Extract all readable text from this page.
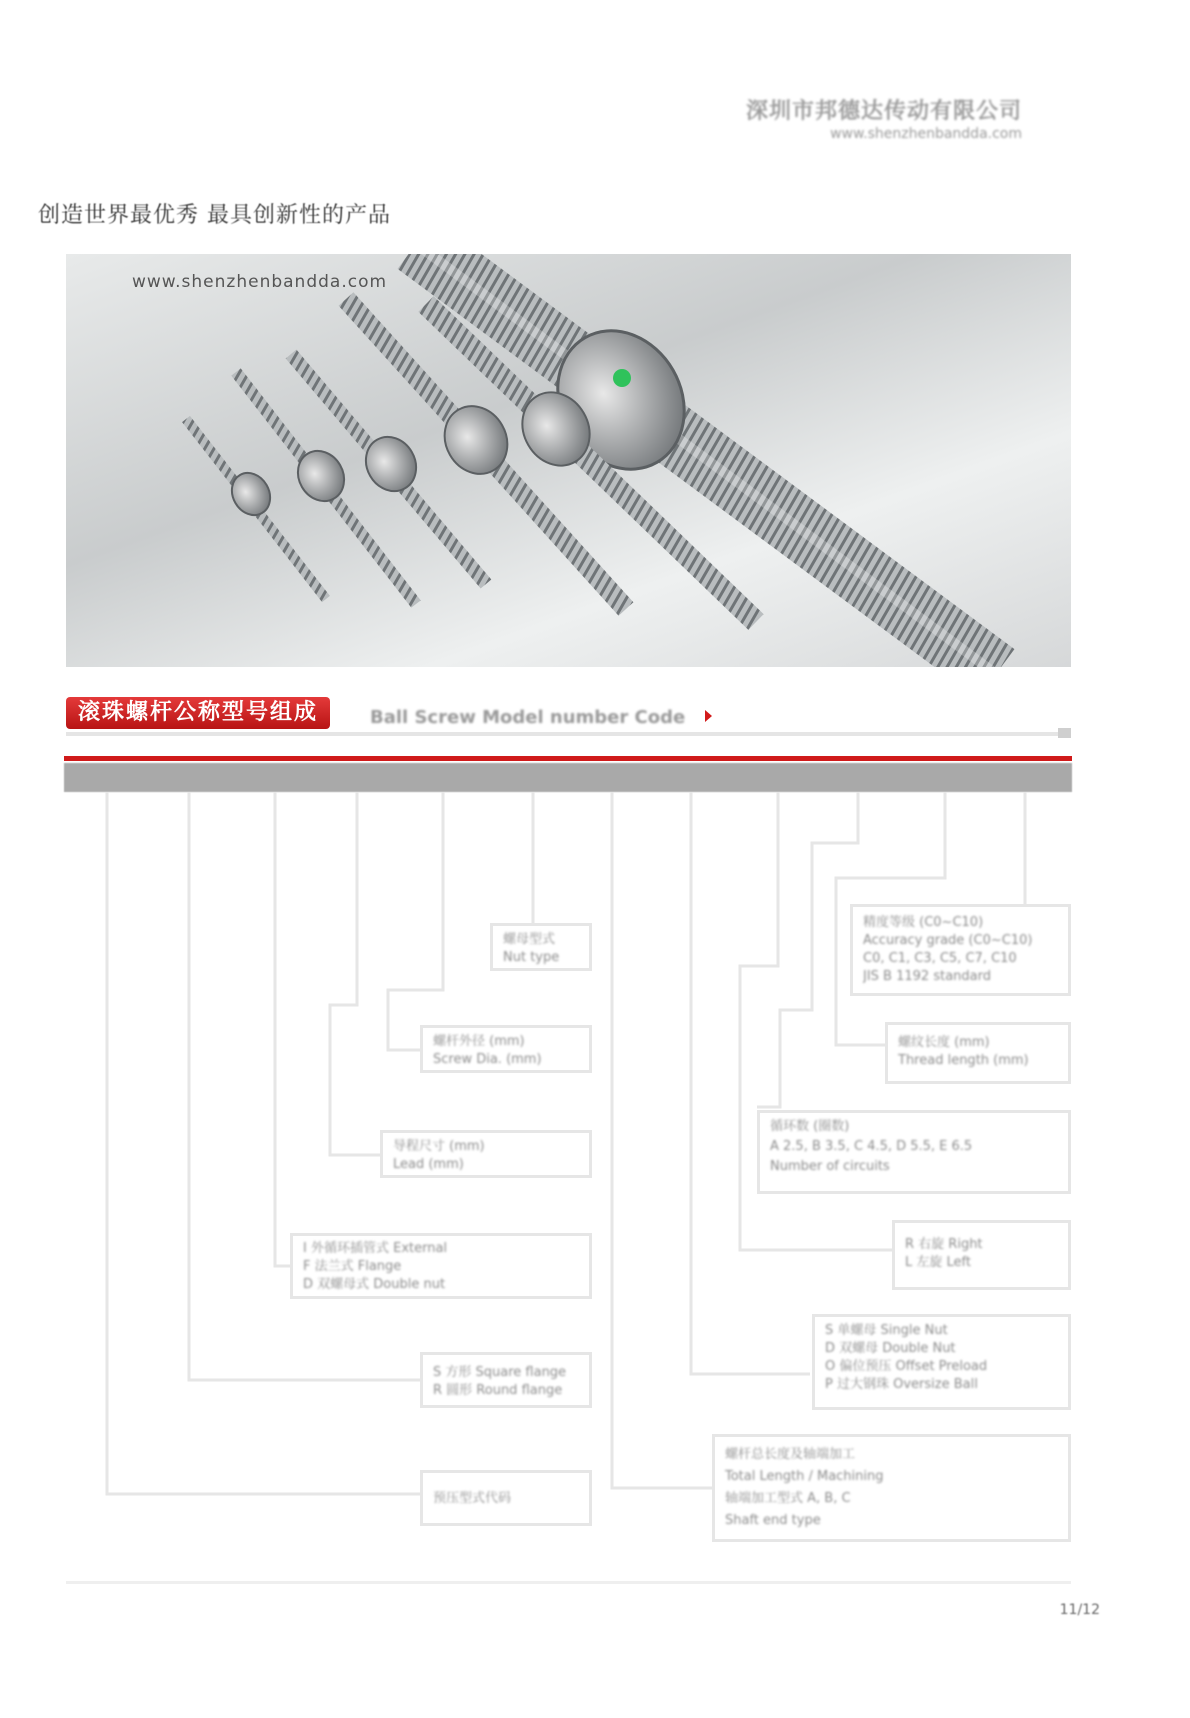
深圳市邦德达传动有限公司
www.shenzhenbandda.com
创造世界最优秀 最具创新性的产品
www.shenzhenbandda.com
滚珠螺杆公称型号组成	Ball Screw Model number Code
螺母型式
Nut type
螺杆外径 (mm)
Screw Dia. (mm)
导程尺寸 (mm)
Lead (mm)
I 外循环插管式 External
F 法兰式 Flange
D 双螺母式 Double nut
S 方形 Square flange
R 圆形 Round flange
预压型式代码
精度等级 (C0~C10)
Accuracy grade (C0~C10)
C0, C1, C3, C5, C7, C10
JIS B 1192 standard
螺纹长度 (mm)
Thread length (mm)
循环数 (圈数)
A 2.5, B 3.5, C 4.5, D 5.5, E 6.5
Number of circuits
R 右旋 Right
L 左旋 Left
S 单螺母 Single Nut
D 双螺母 Double Nut
O 偏位预压 Offset Preload
P 过大钢珠 Oversize Ball
螺杆总长度及轴端加工
Total Length / Machining
轴端加工型式 A, B, C
Shaft end type
11/12
